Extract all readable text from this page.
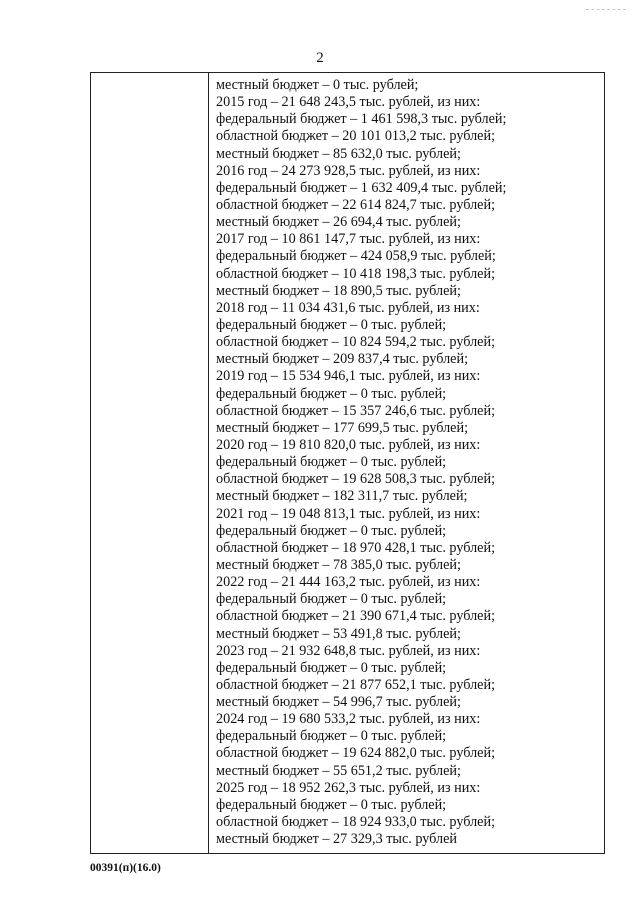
2
местный бюджет – 0 тыс. рублей;
2015 год – 21 648 243,5 тыс. рублей, из них:
федеральный бюджет – 1 461 598,3 тыс. рублей;
областной бюджет – 20 101 013,2 тыс. рублей;
местный бюджет – 85 632,0 тыс. рублей;
2016 год – 24 273 928,5 тыс. рублей, из них:
федеральный бюджет – 1 632 409,4 тыс. рублей;
областной бюджет – 22 614 824,7 тыс. рублей;
местный бюджет – 26 694,4 тыс. рублей;
2017 год – 10 861 147,7 тыс. рублей, из них:
федеральный бюджет – 424 058,9 тыс. рублей;
областной бюджет – 10 418 198,3 тыс. рублей;
местный бюджет – 18 890,5 тыс. рублей;
2018 год – 11 034 431,6 тыс. рублей, из них:
федеральный бюджет – 0 тыс. рублей;
областной бюджет – 10 824 594,2 тыс. рублей;
местный бюджет – 209 837,4 тыс. рублей;
2019 год – 15 534 946,1 тыс. рублей, из них:
федеральный бюджет – 0 тыс. рублей;
областной бюджет – 15 357 246,6 тыс. рублей;
местный бюджет – 177 699,5 тыс. рублей;
2020 год – 19 810 820,0 тыс. рублей, из них:
федеральный бюджет – 0 тыс. рублей;
областной бюджет – 19 628 508,3 тыс. рублей;
местный бюджет – 182 311,7 тыс. рублей;
2021 год – 19 048 813,1 тыс. рублей, из них:
федеральный бюджет – 0 тыс. рублей;
областной бюджет – 18 970 428,1 тыс. рублей;
местный бюджет – 78 385,0 тыс. рублей;
2022 год – 21 444 163,2 тыс. рублей, из них:
федеральный бюджет – 0 тыс. рублей;
областной бюджет – 21 390 671,4 тыс. рублей;
местный бюджет – 53 491,8 тыс. рублей;
2023 год – 21 932 648,8 тыс. рублей, из них:
федеральный бюджет – 0 тыс. рублей;
областной бюджет – 21 877 652,1 тыс. рублей;
местный бюджет – 54 996,7 тыс. рублей;
2024 год – 19 680 533,2 тыс. рублей, из них:
федеральный бюджет – 0 тыс. рублей;
областной бюджет – 19 624 882,0 тыс. рублей;
местный бюджет – 55 651,2 тыс. рублей;
2025 год – 18 952 262,3 тыс. рублей, из них:
федеральный бюджет – 0 тыс. рублей;
областной бюджет – 18 924 933,0 тыс. рублей;
местный бюджет – 27 329,3 тыс. рублей
00391(п)(16.0)
